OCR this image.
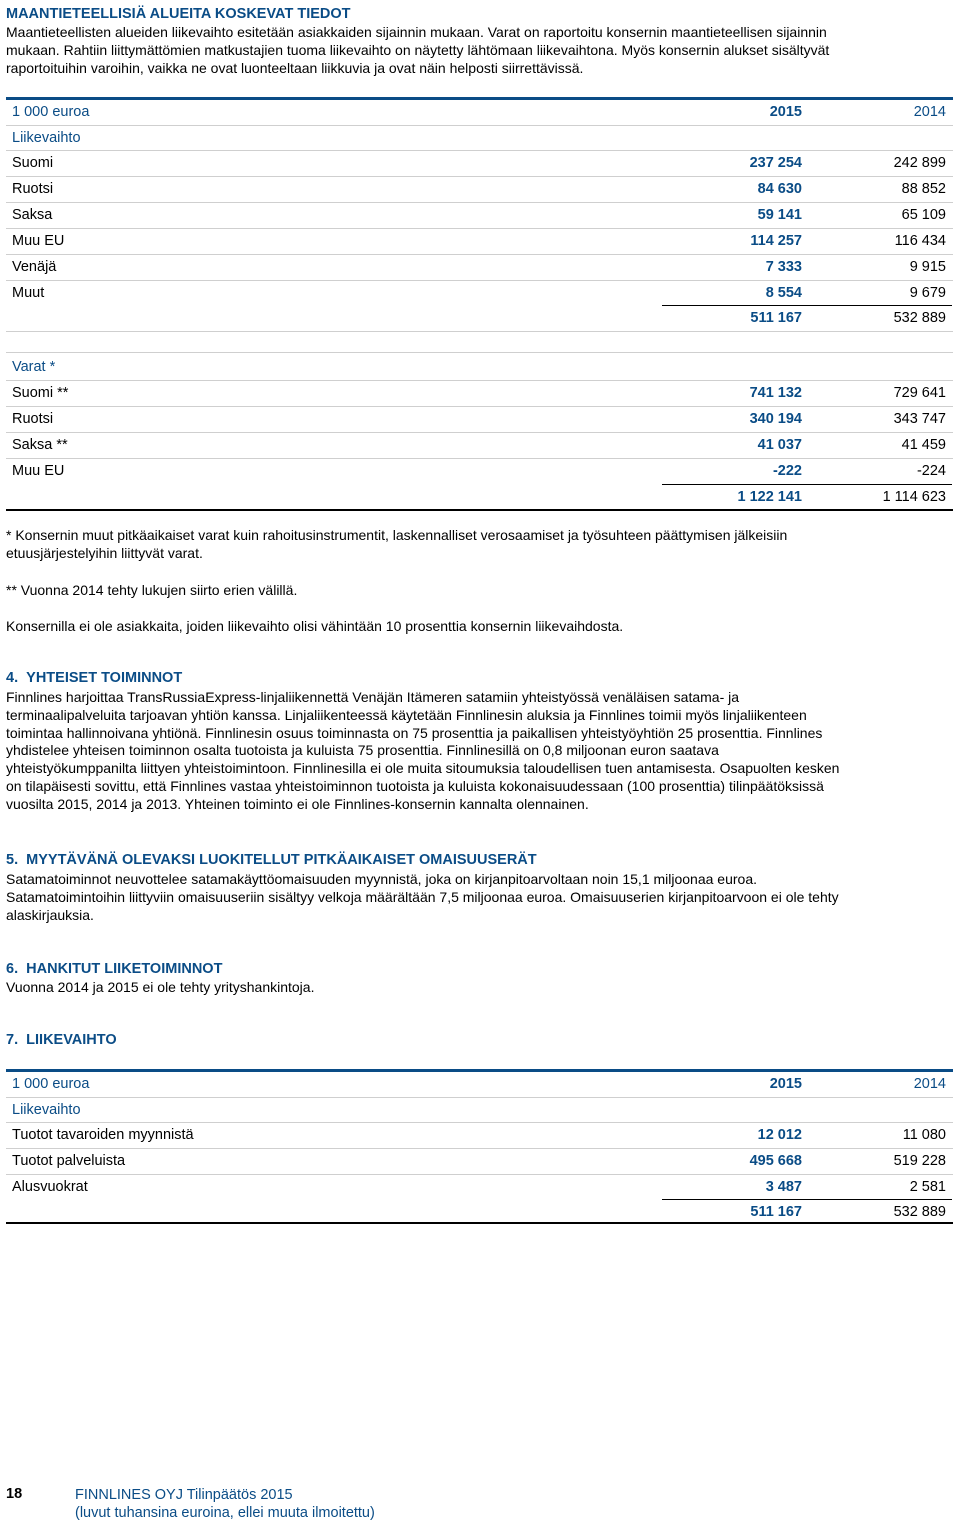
MAANTIETEELLISIÄ ALUEITA KOSKEVAT TIEDOT
Maantieteellisten alueiden liikevaihto esitetään asiakkaiden sijainnin mukaan. Varat on raportoitu konsernin maantieteellisen sijainnin
mukaan. Rahtiin liittymättömien matkustajien tuoma liikevaihto on näytetty lähtömaan liikevaihtona. Myös konsernin alukset sisältyvät
raportoituihin varoihin, vaikka ne ovat luonteeltaan liikkuvia ja ovat näin helposti siirrettävissä.
1 000 euroa	2015	2014
Liikevaihto
Suomi	237 254	242 899
Ruotsi	84 630	88 852
Saksa	59 141	65 109
Muu EU	114 257	116 434
Venäjä	7 333	9 915
Muut	8 554	9 679
511 167	532 889
Varat *
Suomi **	741 132	729 641
Ruotsi	340 194	343 747
Saksa **	41 037	41 459
Muu EU	-222	-224
1 122 141	1 114 623
* Konsernin muut pitkäaikaiset varat kuin rahoitusinstrumentit, laskennalliset verosaamiset ja työsuhteen päättymisen jälkeisiin
etuusjärjestelyihin liittyvät varat.
** Vuonna 2014 tehty lukujen siirto erien välillä.
Konsernilla ei ole asiakkaita, joiden liikevaihto olisi vähintään 10 prosenttia konsernin liikevaihdosta.
4. YHTEISET TOIMINNOT
Finnlines harjoittaa TransRussiaExpress-linjaliikennettä Venäjän Itämeren satamiin yhteistyössä venäläisen satama- ja
terminaalipalveluita tarjoavan yhtiön kanssa. Linjaliikenteessä käytetään Finnlinesin aluksia ja Finnlines toimii myös linjaliikenteen
toimintaa hallinnoivana yhtiönä. Finnlinesin osuus toiminnasta on 75 prosenttia ja paikallisen yhteistyöyhtiön 25 prosenttia. Finnlines
yhdistelee yhteisen toiminnon osalta tuotoista ja kuluista 75 prosenttia. Finnlinesillä on 0,8 miljoonan euron saatava
yhteistyökumppanilta liittyen yhteistoimintoon. Finnlinesilla ei ole muita sitoumuksia taloudellisen tuen antamisesta. Osapuolten kesken
on tilapäisesti sovittu, että Finnlines vastaa yhteistoiminnon tuotoista ja kuluista kokonaisuudessaan (100 prosenttia) tilinpäätöksissä
vuosilta 2015, 2014 ja 2013. Yhteinen toiminto ei ole Finnlines-konsernin kannalta olennainen.
5. MYYTÄVÄNÄ OLEVAKSI LUOKITELLUT PITKÄAIKAISET OMAISUUSERÄT
Satamatoiminnot neuvottelee satamakäyttöomaisuuden myynnistä, joka on kirjanpitoarvoltaan noin 15,1 miljoonaa euroa.
Satamatoimintoihin liittyviin omaisuuseriin sisältyy velkoja määrältään 7,5 miljoonaa euroa. Omaisuuserien kirjanpitoarvoon ei ole tehty
alaskirjauksia.
6. HANKITUT LIIKETOIMINNOT
Vuonna 2014 ja 2015 ei ole tehty yrityshankintoja.
7. LIIKEVAIHTO
1 000 euroa	2015	2014
Liikevaihto
Tuotot tavaroiden myynnistä	12 012	11 080
Tuotot palveluista	495 668	519 228
Alusvuokrat	3 487	2 581
511 167	532 889
18	FINNLINES OYJ Tilinpäätös 2015
(luvut tuhansina euroina, ellei muuta ilmoitettu)
